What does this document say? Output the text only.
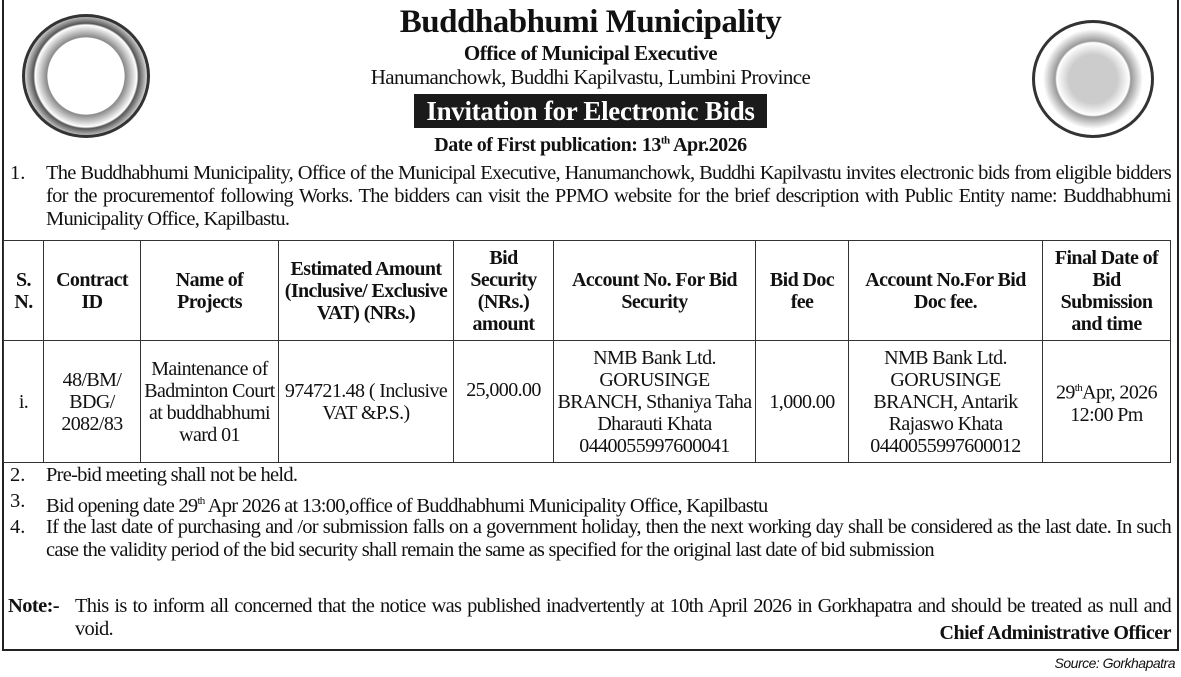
Buddhabhumi Municipality
Office of Municipal Executive
Hanumanchowk, Buddhi Kapilvastu, Lumbini Province
Invitation for Electronic Bids
Date of First publication: 13th Apr.2026
1. The Buddhabhumi Municipality, Office of the Municipal Executive, Hanumanchowk, Buddhi Kapilvastu invites electronic bids from eligible bidders for the procurementof following Works. The bidders can visit the PPMO website for the brief description with Public Entity name: Buddhabhumi Municipality Office, Kapilbastu.
S. N.	Contract ID	Name of Projects	Estimated Amount (Inclusive/ Exclusive VAT) (NRs.)	Bid Security (NRs.) amount	Account No. For Bid Security	Bid Doc fee	Account No.For Bid Doc fee.	Final Date of Bid Submission and time
i.	48/BM/ BDG/ 2082/83	Maintenance of Badminton Court at buddhabhumi ward 01	974721.48 ( Inclusive VAT &P.S.)	25,000.00	NMB Bank Ltd. GORUSINGE BRANCH, Sthaniya Taha Dharauti Khata 0440055997600041	1,000.00	NMB Bank Ltd. GORUSINGE BRANCH, Antarik Rajaswo Khata 0440055997600012	29thApr, 2026 12:00 Pm
2. Pre-bid meeting shall not be held.
3. Bid opening date 29th Apr 2026 at 13:00,office of Buddhabhumi Municipality Office, Kapilbastu
4. If the last date of purchasing and /or submission falls on a government holiday, then the next working day shall be considered as the last date. In such case the validity period of the bid security shall remain the same as specified for the original last date of bid submission
Note:- This is to inform all concerned that the notice was published inadvertently at 10th April 2026 in Gorkhapatra and should be treated as null and void.	Chief Administrative Officer
Source: Gorkhapatra
